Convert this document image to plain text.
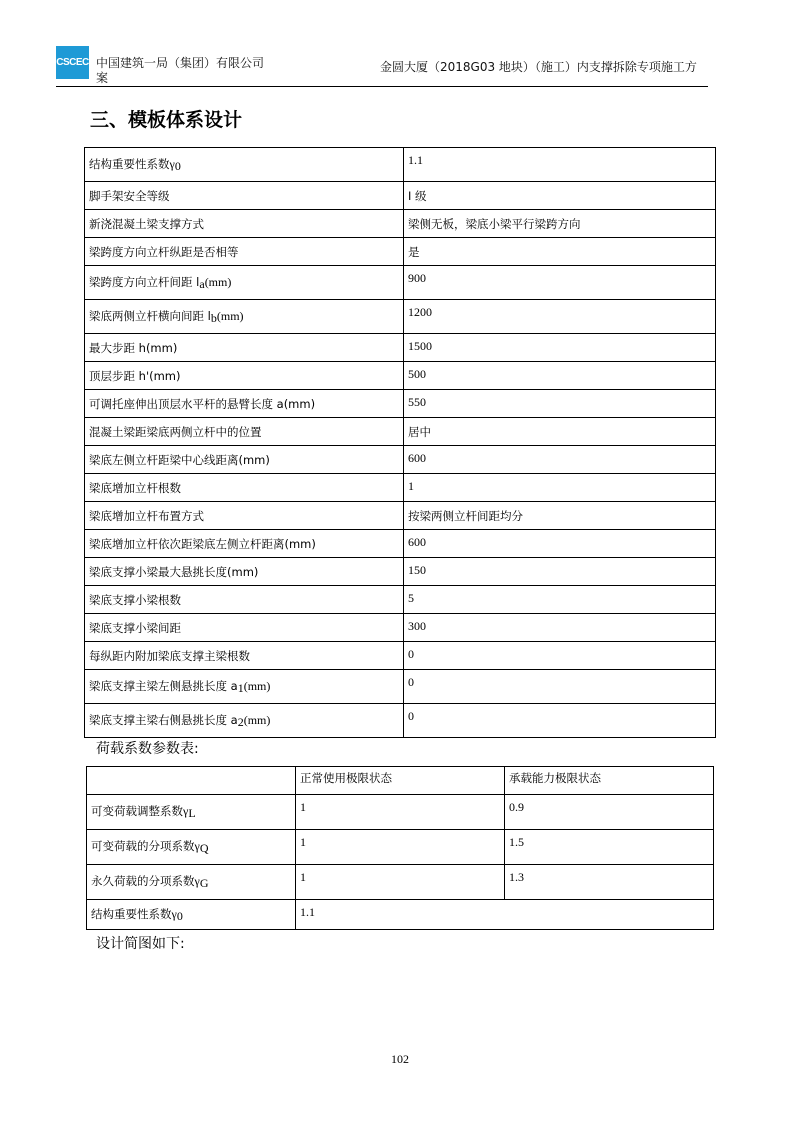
CSCEC 中国建筑一局（集团）有限公司
案
金圆大厦（2018G03 地块）（施工）内支撑拆除专项施工方
三、模板体系设计
结构重要性系数$\gamma_0$	1.1
脚手架安全等级	I 级
新浇混凝土梁支撑方式	梁侧无板，梁底小梁平行梁跨方向
梁跨度方向立杆纵距是否相等	是
梁跨度方向立杆间距 $l_a(mm)$	900
梁底两侧立杆横向间距 $l_b(mm)$	1200
最大步距 h(mm)	1500
顶层步距 h'(mm)	500
可调托座伸出顶层水平杆的悬臂长度 a(mm)	550
混凝土梁距梁底两侧立杆中的位置	居中
梁底左侧立杆距梁中心线距离(mm)	600
梁底增加立杆根数	1
梁底增加立杆布置方式	按梁两侧立杆间距均分
梁底增加立杆依次距梁底左侧立杆距离(mm)	600
梁底支撑小梁最大悬挑长度(mm)	150
梁底支撑小梁根数	5
梁底支撑小梁间距	300
每纵距内附加梁底支撑主梁根数	0
梁底支撑主梁左侧悬挑长度 $a_1(mm)$	0
梁底支撑主梁右侧悬挑长度 $a_2(mm)$	0
荷载系数参数表:
	正常使用极限状态	承载能力极限状态
可变荷载调整系数$\gamma_L$	1	0.9
可变荷载的分项系数$\gamma_Q$	1	1.5
永久荷载的分项系数$\gamma_G$	1	1.3
结构重要性系数$\gamma_0$	1.1	
设计简图如下:
102
